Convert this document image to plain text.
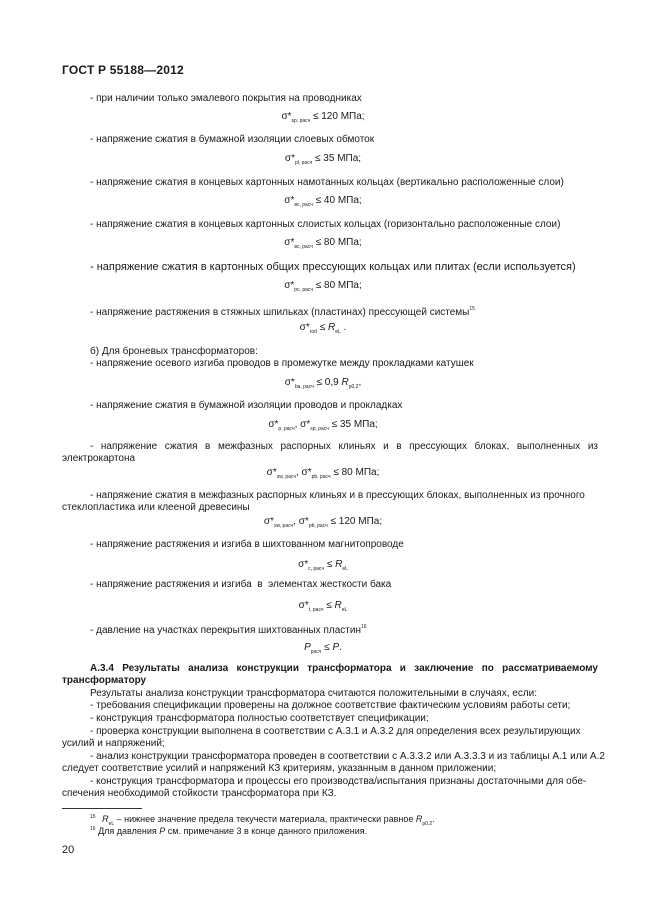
ГОСТ Р 55188—2012
- при наличии только эмалевого покрытия на проводниках
$\sigma*_{sp, расч} \le 120$ МПа;
- напряжение сжатия в бумажной изоляции слоевых обмоток
$\sigma*_{pl, расч} \le 35$ МПа;
- напряжение сжатия в концевых картонных намотанных кольцах (вертикально расположенные слои)
$\sigma*_{вс, расч} \le 40$ МПа;
- напряжение сжатия в концевых картонных слоистых кольцах (горизонтально расположенные слои)
$\sigma*_{вс, расч} \le 80$ МПа;
- напряжение сжатия в картонных общих прессующих кольцах или плитах (если используется)
$\sigma*_{рс, расч} \le 80$ МПа;
- напряжение растяжения в стяжных шпильках (пластинах) прессующей системы$^{15}$
$\sigma*_{rod} \le R_{eL}$ .
б) Для броневых трансформаторов:
- напряжение осевого изгиба проводов в промежутке между прокладками катушек
$\sigma*_{ba, расч} \le 0,9$ $R_{p0,2}$,
- напряжение сжатия в бумажной изоляции проводов и прокладках
$\sigma*_{p, расч}$, $\sigma*_{sp, расч} \le 35$ МПа;
- напряжение сжатия в межфазных распорных клиньях и в прессующих блоках, выполненных из
электрокартона
$\sigma*_{sw, расч}$, $\sigma*_{pb, расч} \le 80$ МПа;
- напряжение сжатия в межфазных распорных клиньях и в прессующих блоках, выполненных из прочного
стеклопластика или клееной древесины
$\sigma*_{sw, расч}$, $\sigma*_{pb, расч} \le 120$ МПа;
- напряжение растяжения и изгиба в шихтованном магнитопроводе
$\sigma*_{c, расч} \le R_{eL}$
- напряжение растяжения и изгиба  в  элементах жесткости бака
$\sigma*_{t, расч} \le R_{eL}$
- давление на участках перекрытия шихтованных пластин$^{16}$
$P_{расч} \le P$.
А.3.4 Результаты анализа конструкции трансформатора и заключение по рассматриваемому
трансформатору
Результаты анализа конструкции трансформатора считаются положительными в случаях, если:
- требования спецификации проверены на должное соответствие фактическим условиям работы сети;
- конструкция трансформатора полностью соответствует спецификации;
- проверка конструкции выполнена в соответствии с А.3.1 и А.3.2 для определения всех результирующих
усилий и напряжений;
- анализ конструкции трансформатора проведен в соответствии с А.3.3.2 или А.3.3.3 и из таблицы А.1 или А.2
следует соответствие усилий и напряжений КЗ критериям, указанным в данном приложении;
- конструкция трансформатора и процессы его производства/испытания признаны достаточными для обе-
спечения необходимой стойкости трансформатора при КЗ.
$^{15}$ $R_{eL}$ – нижнее значение предела текучести материала, практически равное $R_{p0,2}$.
$^{16}$ Для давления P см. примечание 3 в конце данного приложения.
20
